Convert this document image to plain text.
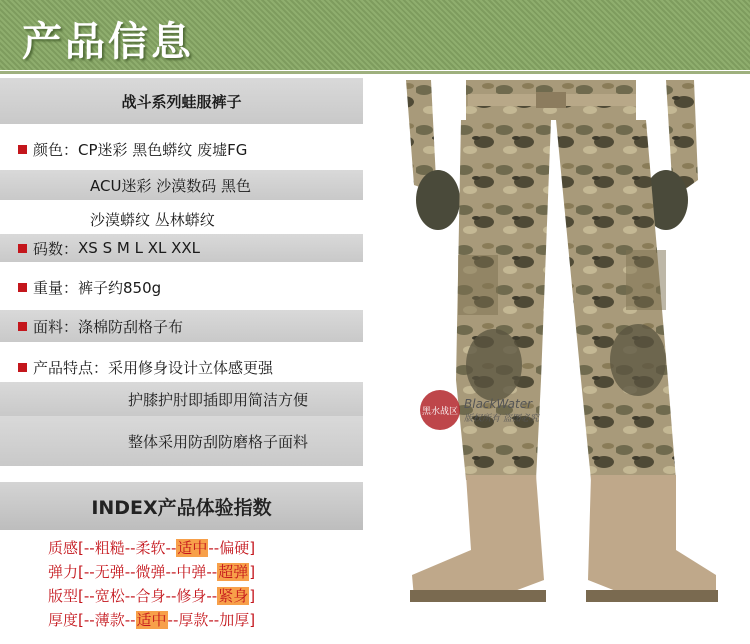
产品信息
战斗系列蛙服裤子
颜色： CP迷彩 黑色蟒纹 废墟FG
ACU迷彩 沙漠数码 黑色
沙漠蟒纹 丛林蟒纹
码数： XS S M L XL XXL
重量： 裤子约850g
面料： 涤棉防刮格子布
产品特点： 采用修身设计立体感更强
护膝护肘即插即用简洁方便
整体采用防刮防磨格子面料
INDEX产品体验指数
质感[--粗糙--柔软--适中--偏硬]
弹力[--无弹--微弹--中弹--超弹]
版型[--宽松--合身--修身--紧身]
厚度[--薄款--适中--厚款--加厚]
黑水战区
BlackWater
版权所有 盗图必究
